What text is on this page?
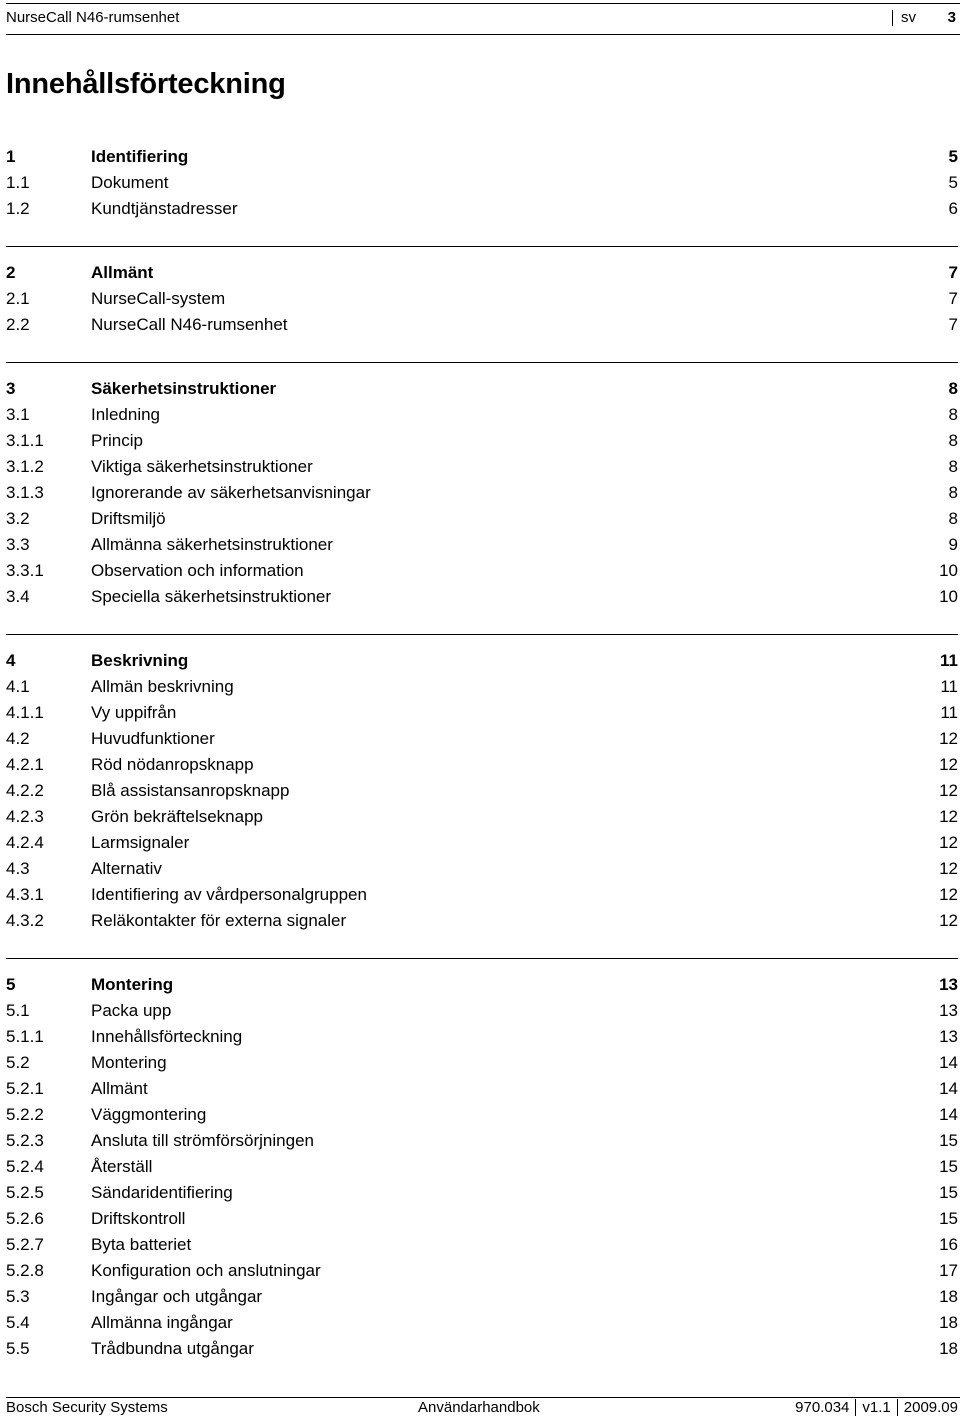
NurseCall N46-rumsenhet	sv 3
Innehållsförteckning
1	Identifiering	5
1.1	Dokument	5
1.2	Kundtjänstadresser	6
2	Allmänt	7
2.1	NurseCall-system	7
2.2	NurseCall N46-rumsenhet	7
3	Säkerhetsinstruktioner	8
3.1	Inledning	8
3.1.1	Princip	8
3.1.2	Viktiga säkerhetsinstruktioner	8
3.1.3	Ignorerande av säkerhetsanvisningar	8
3.2	Driftsmiljö	8
3.3	Allmänna säkerhetsinstruktioner	9
3.3.1	Observation och information	10
3.4	Speciella säkerhetsinstruktioner	10
4	Beskrivning	11
4.1	Allmän beskrivning	11
4.1.1	Vy uppifrån	11
4.2	Huvudfunktioner	12
4.2.1	Röd nödanropsknapp	12
4.2.2	Blå assistansanropsknapp	12
4.2.3	Grön bekräftelseknapp	12
4.2.4	Larmsignaler	12
4.3	Alternativ	12
4.3.1	Identifiering av vårdpersonalgruppen	12
4.3.2	Reläkontakter för externa signaler	12
5	Montering	13
5.1	Packa upp	13
5.1.1	Innehållsförteckning	13
5.2	Montering	14
5.2.1	Allmänt	14
5.2.2	Väggmontering	14
5.2.3	Ansluta till strömförsörjningen	15
5.2.4	Återställ	15
5.2.5	Sändaridentifiering	15
5.2.6	Driftskontroll	15
5.2.7	Byta batteriet	16
5.2.8	Konfiguration och anslutningar	17
5.3	Ingångar och utgångar	18
5.4	Allmänna ingångar	18
5.5	Trådbundna utgångar	18
Bosch Security Systems	Användarhandbok	970.034 v1.1 2009.09
